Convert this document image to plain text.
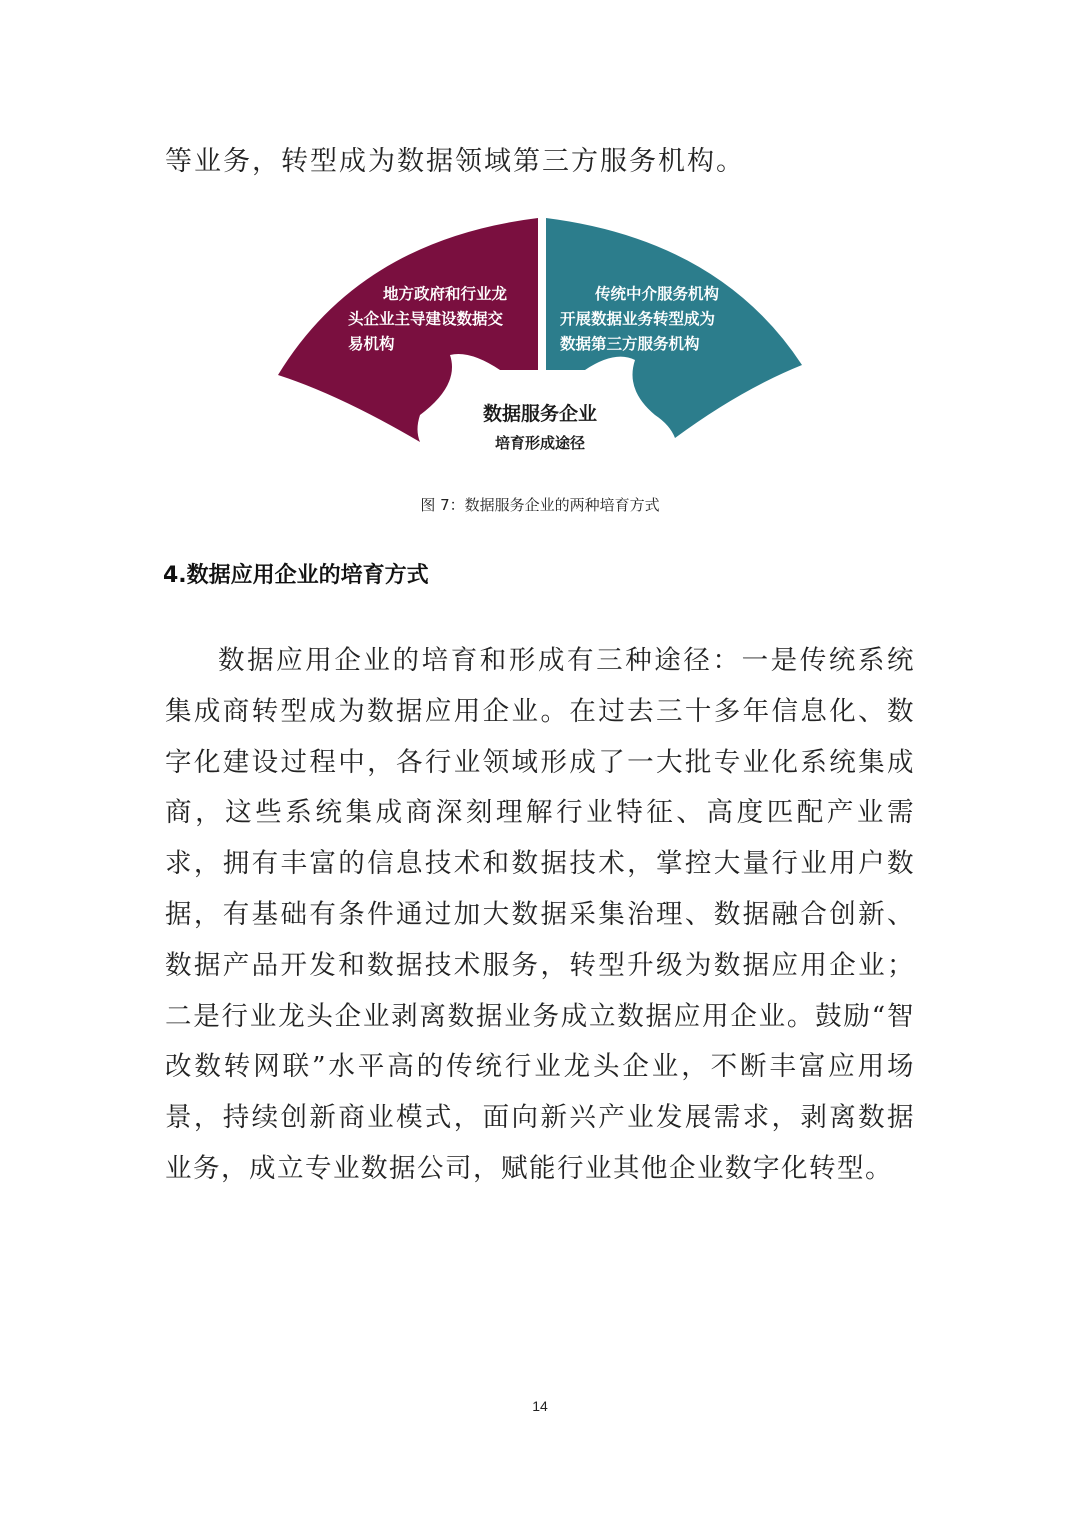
等业务，转型成为数据领域第三方服务机构。
地方政府和行业龙
头企业主导建设数据交
易机构
传统中介服务机构
开展数据业务转型成为
数据第三方服务机构
数据服务企业
培育形成途径
图 7：数据服务企业的两种培育方式
4.数据应用企业的培育方式
数据应用企业的培育和形成有三种途径：一是传统系统集成商转型成为数据应用企业。在过去三十多年信息化、数字化建设过程中，各行业领域形成了一大批专业化系统集成商，这些系统集成商深刻理解行业特征、高度匹配产业需求，拥有丰富的信息技术和数据技术，掌控大量行业用户数据，有基础有条件通过加大数据采集治理、数据融合创新、数据产品开发和数据技术服务，转型升级为数据应用企业；二是行业龙头企业剥离数据业务成立数据应用企业。鼓励“智改数转网联”水平高的传统行业龙头企业，不断丰富应用场景，持续创新商业模式，面向新兴产业发展需求，剥离数据业务，成立专业数据公司，赋能行业其他企业数字化转型。
14
